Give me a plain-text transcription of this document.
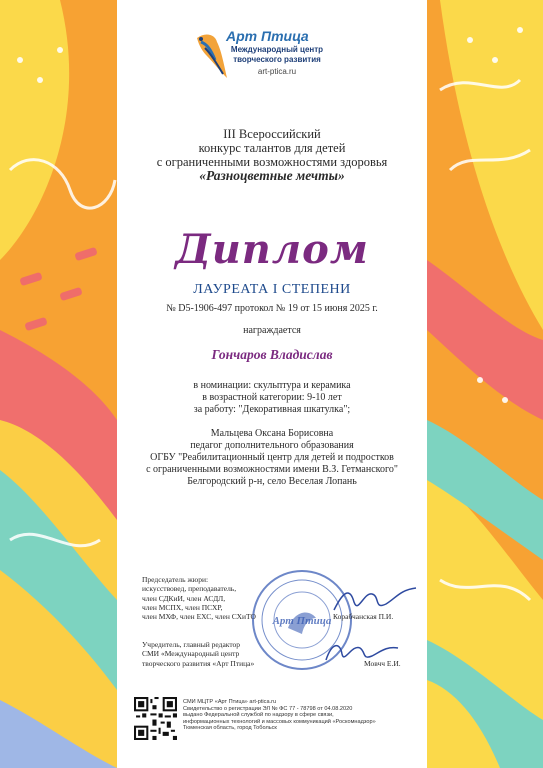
Арт Птица
Международный центр
творческого развития
art-ptica.ru
III Всероссийский
конкурс талантов для детей
с ограниченными возможностями здоровья
«Разноцветные мечты»
Диплом
ЛАУРЕАТА I СТЕПЕНИ
№ D5-1906-497 протокол № 19 от 15 июня 2025 г.
награждается
Гончаров Владислав
в номинации: скульптура и керамика
в возрастной категории: 9-10 лет
за работу: "Декоративная шкатулка";
Мальцева Оксана Борисовна
педагог дополнительного образования
ОГБУ "Реабилитационный центр для детей и подростков
с ограниченными возможностями имени В.З. Гетманского"
Белгородский р-н, село Веселая Лопань
Арт Птица
Председатель жюри:
искусствовед, преподаватель,
член СДКиИ, член АСДЛ,
член МСПХ, член ПСХР,
член МХФ, член ЕХС, член СХиТО	Корабчанская П.И.
Учредитель, главный редактор
СМИ «Международный центр
творческого развития «Арт Птица»	Мовчч Е.И.
СМИ МЦТР «Арт Птица» art-ptica.ru
Свидетельство о регистрации ЭЛ № ФС 77 - 78798 от 04.08.2020
выдано Федеральной службой по надзору в сфере связи,
информационных технологий и массовых коммуникаций «Роскомнадзор»
Тюменская область, город Тобольск
